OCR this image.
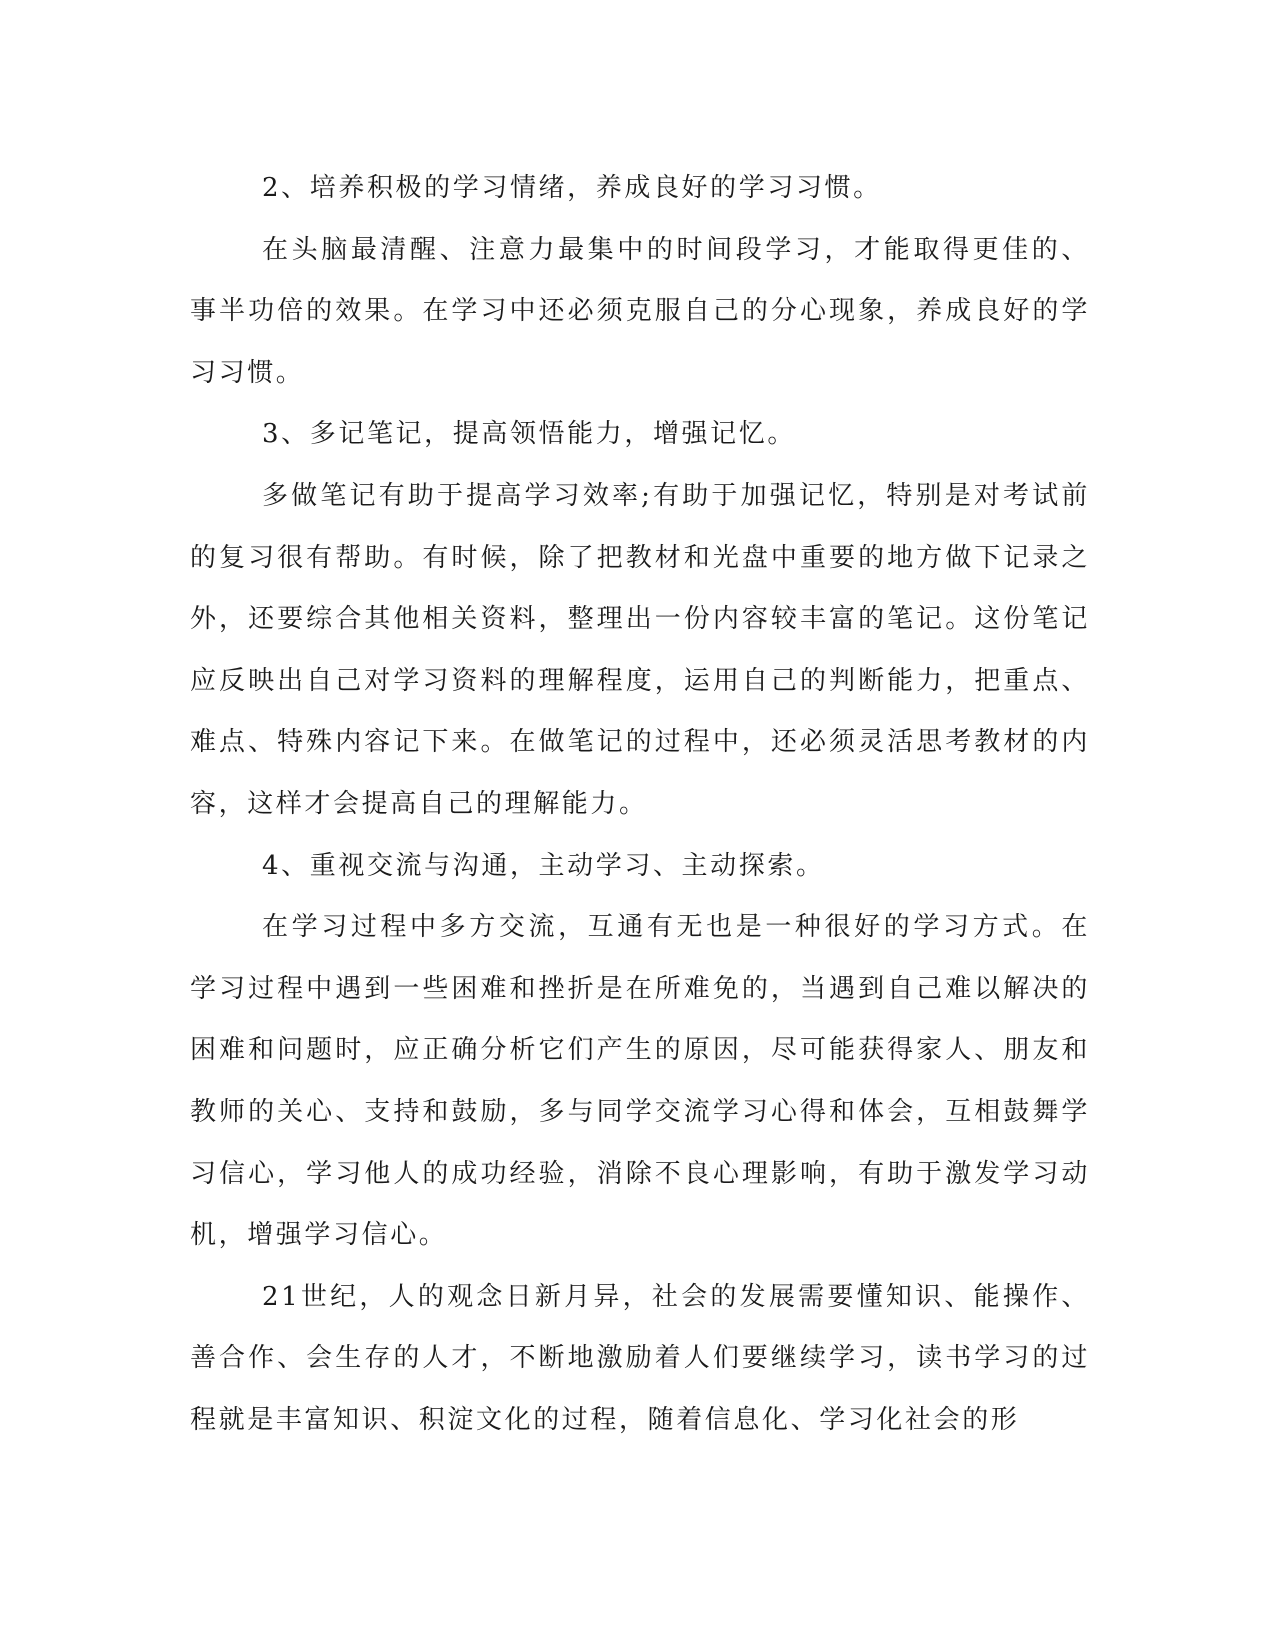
2、培养积极的学习情绪，养成良好的学习习惯。

在头脑最清醒、注意力最集中的时间段学习，才能取得更佳的、事半功倍的效果。在学习中还必须克服自己的分心现象，养成良好的学习习惯。

3、多记笔记，提高领悟能力，增强记忆。

多做笔记有助于提高学习效率;有助于加强记忆，特别是对考试前的复习很有帮助。有时候，除了把教材和光盘中重要的地方做下记录之外，还要综合其他相关资料，整理出一份内容较丰富的笔记。这份笔记应反映出自己对学习资料的理解程度，运用自己的判断能力，把重点、难点、特殊内容记下来。在做笔记的过程中，还必须灵活思考教材的内容，这样才会提高自己的理解能力。

4、重视交流与沟通，主动学习、主动探索。

在学习过程中多方交流，互通有无也是一种很好的学习方式。在学习过程中遇到一些困难和挫折是在所难免的，当遇到自己难以解决的困难和问题时，应正确分析它们产生的原因，尽可能获得家人、朋友和教师的关心、支持和鼓励，多与同学交流学习心得和体会，互相鼓舞学习信心，学习他人的成功经验，消除不良心理影响，有助于激发学习动机，增强学习信心。

21世纪，人的观念日新月异，社会的发展需要懂知识、能操作、善合作、会生存的人才，不断地激励着人们要继续学习，读书学习的过程就是丰富知识、积淀文化的过程，随着信息化、学习化社会的形
